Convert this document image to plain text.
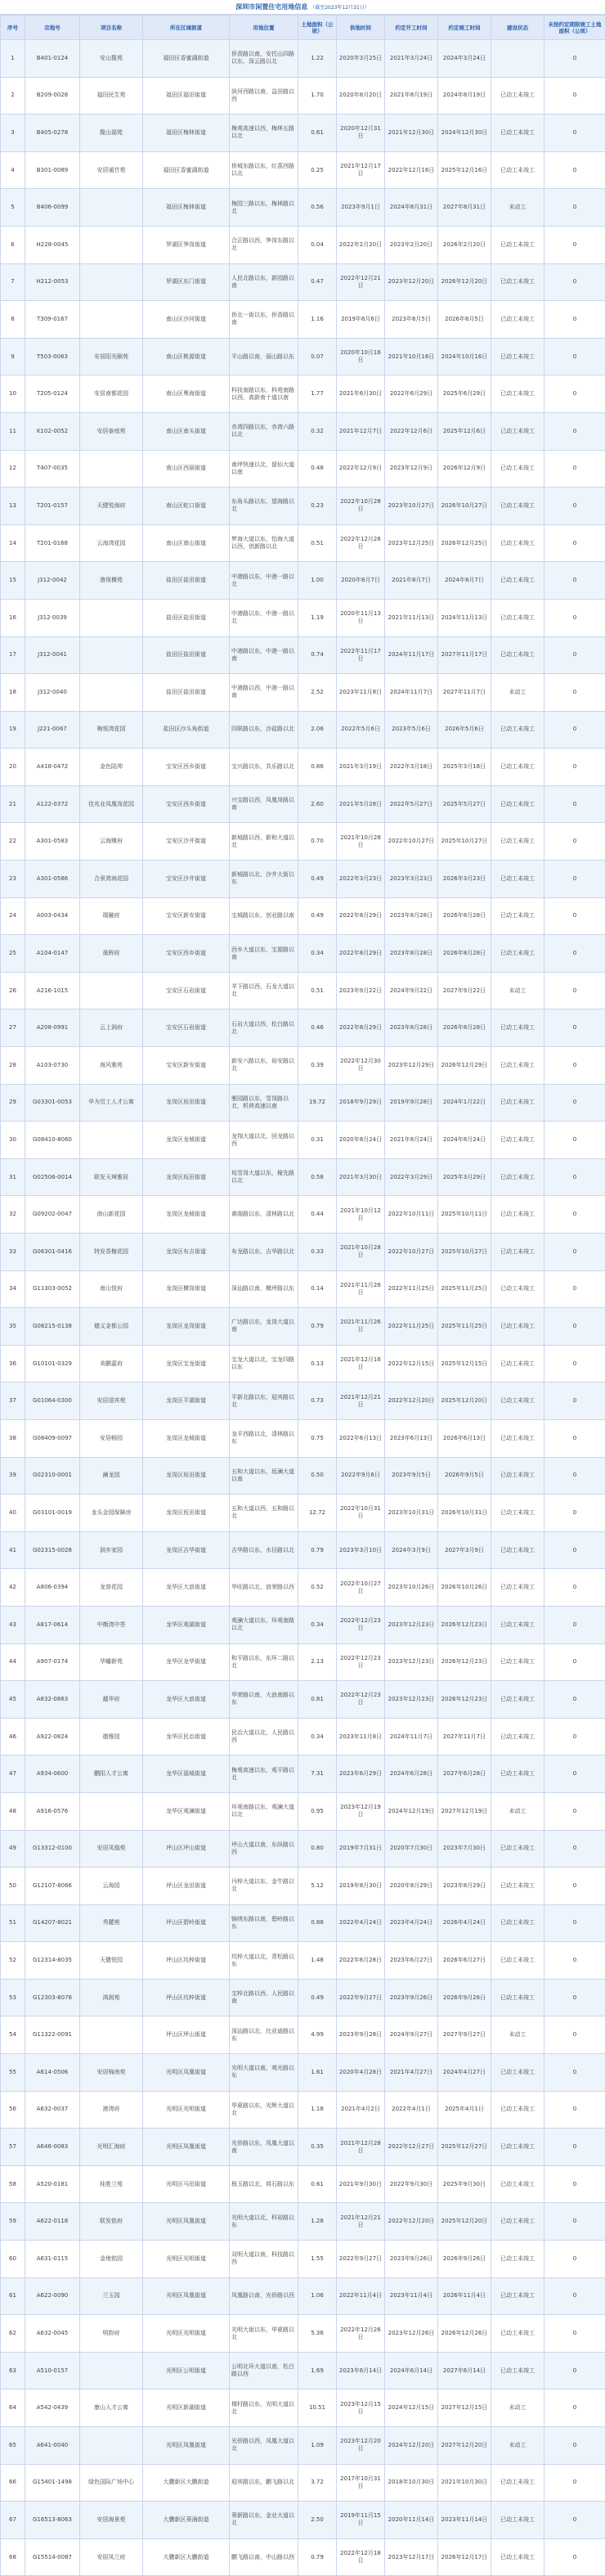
深圳市闲置住宅用地信息 （截至2023年12月31日）
序号	宗地号	项目名称	所在区域街道	用地位置	土地面积（公顷）	供地时间	约定开工时间	约定竣工时间	建设状态	未按约定期限竣工土地面积（公顷）
1	B401-0124	安山揽苑	福田区香蜜湖街道	侨香路以南，安托山四路以东，深云路以北	1.22	2020年3月25日	2021年3月24日	2024年3月24日		0
2	B209-0028	福田民生苑	福田区福田街道	滨河西路以南，益田路以西	1.70	2020年8月20日	2021年8月19日	2024年8月19日	已动工未竣工	0
3	B405-0278	揽山福苑	福田区梅林街道	梅观高速以西，梅林五路以北	0.61	2020年12月31日	2021年12月30日	2024年12月30日	已动工未竣工	0
4	B301-0089	安居通竹苑	福田区香蜜湖街道	侨城东路以东，红荔西路以北	0.25	2021年12月17日	2022年12月16日	2025年12月16日	已动工未竣工	0
5	B406-0099		福田区梅林街道	梅园三路以东，梅林路以北	0.56	2023年9月1日	2024年8月31日	2027年8月31日	未动工	0
6	H228-0045		罗湖区笋岗街道	合正路以西，笋岗东路以北	0.04	2022年2月20日	2023年2月20日	2026年2月20日	已动工未竣工	0
7	H212-0053		罗湖区东门街道	人民北路以东，新园路以南	0.47	2022年12月21日	2023年12月20日	2026年12月20日	已动工未竣工	0
8	T309-0167		南山区沙河街道	侨北一街以东，侨香路以南	1.16	2019年6月6日	2023年6月5日	2026年6月5日	已动工未竣工	0
9	T503-0063	安居阳光颐苑	南山区桃源街道	平山路以南，丽山路以东	0.07	2020年10月16日	2021年10月16日	2024年10月16日	已动工未竣工	0
10	T205-0124	安居南都花园	南山区粤海街道	科技南路以东，科苑南路以西，高新南十道以南	1.77	2021年6月30日	2022年6月29日	2025年6月29日	已动工未竣工	0
11	K102-0052	安居泰庭苑	南山区南头街道	赤湾四路以东，赤湾六路以北	0.32	2021年12月7日	2022年12月6日	2025年12月6日	已动工未竣工	0
12	T407-0035		南山区西丽街道	南坪快速以北，留仙大道以南	0.48	2022年12月9日	2023年12月9日	2026年12月9日	已动工未竣工	0
13	T201-0157	天健悦海府	南山区蛇口街道	东角头路以东，望海路以北	0.23	2022年10月28日	2023年10月27日	2026年10月27日	已动工未竣工	0
14	T201-0168	云海湾花园	南山区南山街道	梦海大道以东，怡海大道以西，创新路以北	0.51	2022年12月26日	2023年12月25日	2026年12月25日	已动工未竣工	0
15	J312-0042	港视横苑	盐田区盐田街道	中港路以东，中港一路以北	1.00	2020年8月7日	2021年8月7日	2024年8月7日	已动工未竣工	0
16	J312-0039		盐田区盐田街道	中港路以东，中港一路以北	1.19	2020年11月13日	2021年11月13日	2024年11月13日	已动工未竣工	0
17	J312-0041		盐田区盐田街道	中港路以东，中港一路以南	0.74	2022年11月17日	2024年11月17日	2027年11月17日	已动工未竣工	0
18	J312-0040		盐田区盐田街道	中港路以西，中港一路以南	2.52	2023年11月8日	2024年11月7日	2027年11月7日	未动工	0
19	J221-0067	梅悦湾花园	盐田区沙头角街道	四联路以东，沙盐路以北	2.06	2022年5月6日	2023年5月6日	2026年5月6日	已动工未竣工	0
20	A418-0472	金色陆帅	宝安区西乡街道	宝兴路以东，共乐路以北	0.86	2021年3月19日	2022年3月18日	2025年3月18日	已动工未竣工	0
21	A122-0372	佳兆业凤凰岗花园	宝安区西乡街道	兴宝路以西，凤凰岗路以南	2.60	2021年5月28日	2022年5月27日	2025年5月27日	已动工未竣工	0
22	A301-0583	云海臻府	宝安区沙井街道	新城路以西，新和大道以北	0.70	2021年10月28日	2022年10月27日	2025年10月27日	已动工未竣工	0
23	A301-0586	合景湾海花园	宝安区沙井街道	新城路以北，沙井大街以东	0.49	2022年3月23日	2023年3月23日	2026年3月23日	已动工未竣工	0
24	A003-0434	瑞融府	宝安区新安街道	宝城路以东，创业路以南	0.49	2022年8月29日	2023年8月28日	2026年8月28日	已动工未竣工	0
25	A104-0147	晟晖府	宝安区西乡街道	西乡大道以东，宝源路以南	0.34	2022年8月29日	2023年8月28日	2026年8月28日	已动工未竣工	0
26	A216-1015		宝安区石岩街道	羊下路以西，石龙大道以北	0.51	2023年9月22日	2024年9月22日	2027年9月22日	未动工	0
27	A208-0991	云上润府	宝安区石岩街道	石岩大道以西，松白路以北	0.46	2022年8月29日	2023年8月28日	2026年8月28日	已动工未竣工	0
28	A103-0730	海风雅苑	宝安区新安街道	新安六路以东，裕安路以北	0.39	2022年12月30日	2023年12月29日	2026年12月29日	已动工未竣工	0
29	G03301-0053	华为员工人才公寓	龙岗区坂田街道	雅园路以东，雪岗路以北，机荷高速以南	19.72	2018年9月29日	2019年9月28日	2024年1月22日	已动工未竣工	0
30	G08410-8060		龙岗区龙城街道	龙翔大道以北，回龙路以西	0.31	2020年8月24日	2021年8月24日	2024年8月24日	已动工未竣工	0
31	G02506-0014	联发天境雅居	龙岗区坂田街道	坂雪岗大道以东，稼先路以北	0.58	2021年3月30日	2022年3月29日	2025年3月29日	已动工未竣工	0
32	G09202-0047	南山新花园	龙岗区龙城街道	黄阁路以东，清林路以北	0.44	2021年10月12日	2022年10月11日	2025年10月11日	已动工未竣工	0
33	G06301-0416	特发香榭花园	龙岗区布吉街道	布龙路以东，吉华路以北	0.33	2021年10月28日	2022年10月27日	2025年10月27日	已动工未竣工	0
34	G11303-0052	南山悦府	龙岗区横岗街道	深汕路以南，横坪路以东	0.14	2021年11月26日	2022年11月25日	2025年11月25日	已动工未竣工	0
35	G08215-0138	德义金都公园	龙岗区龙岗街道	广达路以东，龙岗大道以南	0.79	2021年11月26日	2022年11月25日	2025年11月25日	已动工未竣工	0
36	G10101-0329	美鹏嘉府	龙岗区宝龙街道	宝龙大道以北，宝龙四路以东	0.13	2021年12月16日	2022年12月15日	2025年12月15日	已动工未竣工	0
37	G01064-0300	安居迎宾苑	龙岗区平湖街道	平新北路以东，迎宾路以北	0.73	2021年12月21日	2022年12月20日	2025年12月20日	已动工未竣工	0
38	G08409-0097	安居畅园	龙岗区龙城街道	龙平西路以北，清林路以东	0.75	2022年6月13日	2023年6月13日	2026年6月13日	已动工未竣工	0
39	G02310-0001	澜龙园	龙岗区坂田街道	五和大道以东，坂澜大道以南	0.50	2022年9月6日	2023年9月5日	2026年9月5日	已动工未竣工	0
40	G03101-0019	龙头金园保障房	龙岗区坂田街道	五和大道以西，五和路以北	12.72	2022年10月31日	2023年10月31日	2026年10月31日	已动工未竣工	0
41	G02315-0028	润乡家园	龙岗区吉华街道	吉华路以东，水径路以北	0.79	2023年3月10日	2024年3月9日	2027年3月9日	已动工未竣工	0
42	A806-0394	龙普花园	龙华区大浪街道	华旺路以北，浪荣路以西	0.52	2022年10月27日	2023年10月26日	2026年10月26日	已动工未竣工	0
43	A817-0614	中衡湾中荟	龙华区观湖街道	观澜大道以东，环观南路以北	0.34	2022年12月23日	2023年12月23日	2026年12月23日	已动工未竣工	0
44	A907-0174	华蟠新苑	龙华区龙华街道	和平路以东，东环二路以北	2.13	2022年12月23日	2023年12月23日	2026年12月23日	已动工未竣工	0
45	A832-0863	越华府	龙华区大浪街道	华荣路以南，大浪南路以东	0.81	2022年12月23日	2023年12月23日	2026年12月23日	已动工未竣工	0
46	A922-0824	德雅园	龙华区民治街道	民治大道以北，人民路以西	0.34	2023年11月8日	2024年11月7日	2027年11月7日	已动工未竣工	0
47	A934-0600	鹏阳人才公寓	龙华区福城街道	梅观高速以东，观平路以北	7.31	2023年6月29日	2024年6月28日	2027年6月28日	已动工未竣工	0
48	A916-0576		龙华区观澜街道	环观南路以东，观澜大道以北	0.95	2023年12月19日	2024年12月19日	2027年12月19日	未动工	0
49	G13312-0100	安居凤凰苑	坪山区坪山街道	坪山大道以南，东纵路以西	0.80	2019年7月31日	2020年7月30日	2023年7月30日	已动工未竣工	0
50	G12107-8066	云海园	坪山区龙田街道	丹梓大道以东，金牛路以北	5.12	2019年8月30日	2020年8月29日	2023年8月29日	已动工未竣工	0
51	G14207-8021	秀麓苑	坪山区碧岭街道	锦绣东路以南，碧岭路以东	0.88	2022年4月24日	2023年4月24日	2026年4月24日	已动工未竣工	0
52	G12314-8035	天健悦园	坪山区坑梓街道	坑梓大道以北，青松路以东	1.48	2022年6月28日	2023年6月27日	2026年6月27日	已动工未竣工	0
53	G12303-8078	鸿润苑	坪山区坑梓街道	宝梓北路以西，人民路以南	0.49	2022年9月27日	2023年9月26日	2026年9月26日	已动工未竣工	0
54	G11322-0091		坪山区坪山街道	深汕路以北，比亚迪路以东	4.99	2023年9月28日	2024年9月27日	2027年9月27日	未动工	0
55	A614-0506	安居锦南苑	光明区凤凰街道	光明大道以南，观光路以东	1.61	2020年4月28日	2021年4月27日	2024年4月27日	已动工未竣工	0
56	A632-0037	港湾府	光明区光明街道	华夏路以东，光辉大道以北	1.18	2021年4月2日	2022年4月1日	2025年4月1日	已动工未竣工	0
57	A646-0083	光明汇海府	光明区凤凰街道	光侨路以东，凤凰大道以南	0.35	2021年12月28日	2022年12月27日	2025年12月27日	已动工未竣工	0
58	A520-0181	桂胜兰苑	光明区马田街道	根玉路以北，将石路以东	0.61	2021年9月30日	2022年9月30日	2025年9月30日	已动工未竣工	0
59	A622-0118	联发铭府	光明区凤凰街道	光明大道以北，科裕路以东	1.28	2021年12月21日	2022年12月20日	2025年12月20日	已动工未竣工	0
60	A631-0115	金地铭园	光明区光明街道	双明大道以南，科技路以西	1.55	2022年9月27日	2023年9月26日	2026年9月26日	已动工未竣工	0
61	A622-0090	兰玉园	光明区凤凰街道	凤凰路以南，光侨路以西	1.06	2022年11月4日	2023年11月4日	2026年11月4日	已动工未竣工	0
62	A632-0045	明韵府	光明区光明街道	光明大街以东，华夏路以北	5.36	2022年12月26日	2023年12月26日	2026年12月26日	已动工未竣工	0
63	A510-0157		光明区公明街道	公明北环大道以南，松白路以西	1.69	2023年6月14日	2024年6月14日	2027年6月14日	已动工未竣工	0
64	A542-0439	康山人才公寓	光明区新湖街道	楼村路以东，光明大道以北	10.51	2023年12月15日	2024年12月15日	2027年12月15日	未动工	0
65	A641-0040		光明区凤凰街道	光侨路以西，凤凰大道以北	1.09	2023年12月20日	2024年12月20日	2027年12月20日	未动工	0
66	G15401-1498	绿色国际广场中心	大鹏新区大鹏街道	迎宾路以东，鹏飞路以北	3.72	2017年10月31日	2018年10月30日	2021年10月30日	已动工未竣工	0
67	G16513-8063	安居海景苑	大鹏新区葵涌街道	葵新路以东，金业大道以北	2.50	2019年11月15日	2020年11月14日	2023年11月14日	已动工未竣工	0
68	G15514-0087	安居凤兰府	大鹏新区大鹏街道	鹏飞路以南，中山路以西	0.79	2022年12月18日	2023年12月17日	2026年12月17日	已动工未竣工	0
